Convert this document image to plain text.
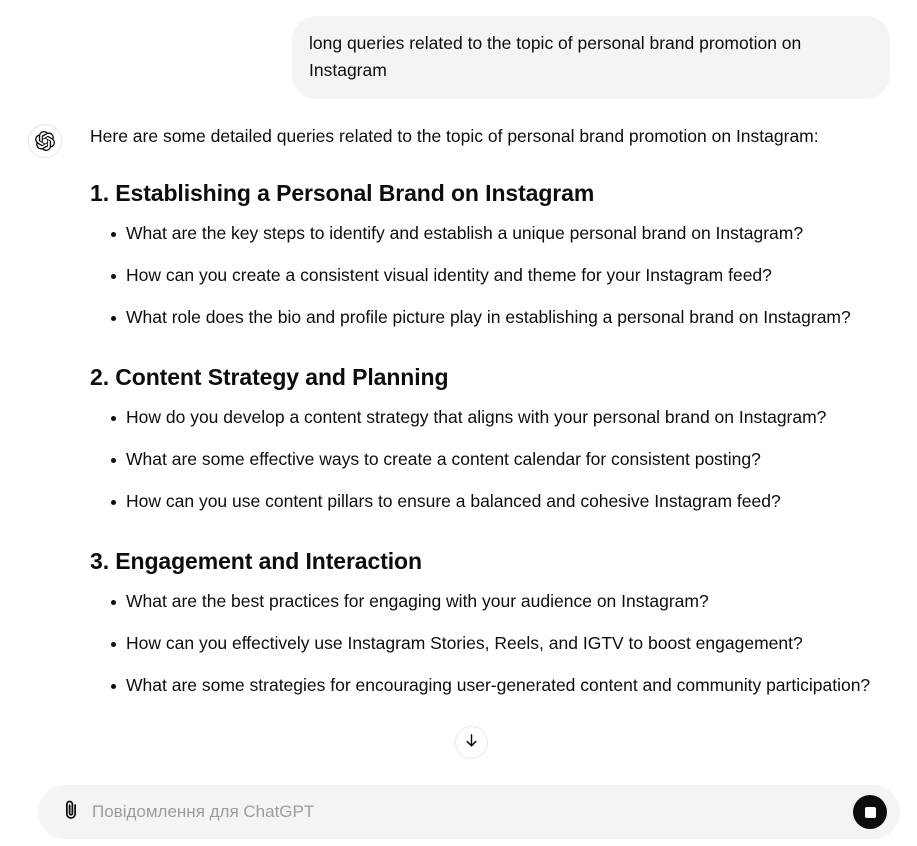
long queries related to the topic of personal brand promotion on Instagram

Here are some detailed queries related to the topic of personal brand promotion on Instagram:

1. Establishing a Personal Brand on Instagram
What are the key steps to identify and establish a unique personal brand on Instagram?
How can you create a consistent visual identity and theme for your Instagram feed?
What role does the bio and profile picture play in establishing a personal brand on Instagram?
2. Content Strategy and Planning
How do you develop a content strategy that aligns with your personal brand on Instagram?
What are some effective ways to create a content calendar for consistent posting?
How can you use content pillars to ensure a balanced and cohesive Instagram feed?
3. Engagement and Interaction
What are the best practices for engaging with your audience on Instagram?
How can you effectively use Instagram Stories, Reels, and IGTV to boost engagement?
What are some strategies for encouraging user-generated content and community participation?
Повідомлення для ChatGPT
